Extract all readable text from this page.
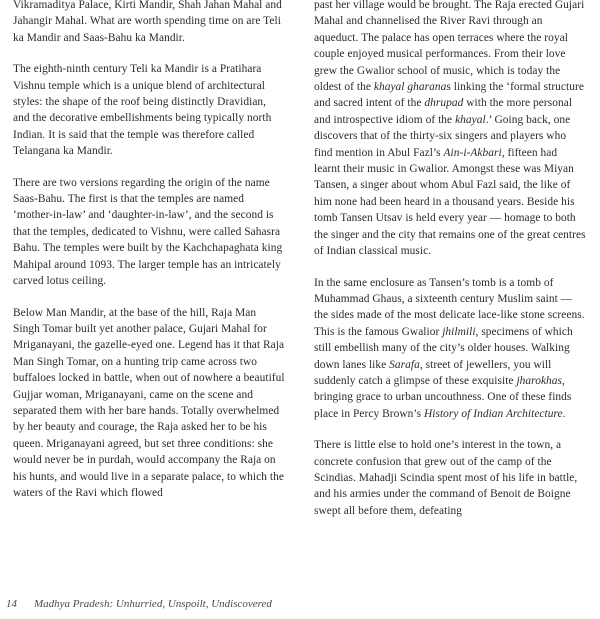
Vikramaditya Palace, Kirti Mandir, Shah Jahan Mahal and Jahangir Mahal. What are worth spending time on are Teli ka Mandir and Saas-Bahu ka Mandir.

The eighth-ninth century Teli ka Mandir is a Pratihara Vishnu temple which is a unique blend of architectural styles: the shape of the roof being distinctly Dravidian, and the decorative embellishments being typically north Indian. It is said that the temple was therefore called Telangana ka Mandir.

There are two versions regarding the origin of the name Saas-Bahu. The first is that the temples are named ‘mother-in-law’ and ‘daughter-in-law’, and the second is that the temples, dedicated to Vishnu, were called Sahasra Bahu. The temples were built by the Kachchapaghata king Mahipal around 1093. The larger temple has an intricately carved lotus ceiling.

Below Man Mandir, at the base of the hill, Raja Man Singh Tomar built yet another palace, Gujari Mahal for Mriganayani, the gazelle-eyed one. Legend has it that Raja Man Singh Tomar, on a hunting trip came across two buffaloes locked in battle, when out of nowhere a beautiful Gujjar woman, Mriganayani, came on the scene and separated them with her bare hands. Totally overwhelmed by her beauty and courage, the Raja asked her to be his queen. Mriganayani agreed, but set three conditions: she would never be in purdah, would accompany the Raja on his hunts, and would live in a separate palace, to which the waters of the Ravi which flowed

past her village would be brought. The Raja erected Gujari Mahal and channelised the River Ravi through an aqueduct. The palace has open terraces where the royal couple enjoyed musical performances. From their love grew the Gwalior school of music, which is today the oldest of the khayal gharanas linking the ‘formal structure and sacred intent of the dhrupad with the more personal and introspective idiom of the khayal.’ Going back, one discovers that of the thirty-six singers and players who find mention in Abul Fazl’s Ain-i-Akbari, fifteen had learnt their music in Gwalior. Amongst these was Miyan Tansen, a singer about whom Abul Fazl said, the like of him none had been heard in a thousand years. Beside his tomb Tansen Utsav is held every year — homage to both the singer and the city that remains one of the great centres of Indian classical music.

In the same enclosure as Tansen’s tomb is a tomb of Muhammad Ghaus, a sixteenth century Muslim saint — the sides made of the most delicate lace-like stone screens. This is the famous Gwalior jhilmili, specimens of which still embellish many of the city’s older houses. Walking down lanes like Sarafa, street of jewellers, you will suddenly catch a glimpse of these exquisite jharokhas, bringing grace to urban uncouthness. One of these finds place in Percy Brown’s History of Indian Architecture.

There is little else to hold one’s interest in the town, a concrete confusion that grew out of the camp of the Scindias. Mahadji Scindia spent most of his life in battle, and his armies under the command of Benoit de Boigne swept all before them, defeating

14 Madhya Pradesh: Unhurried, Unspoilt, Undiscovered
